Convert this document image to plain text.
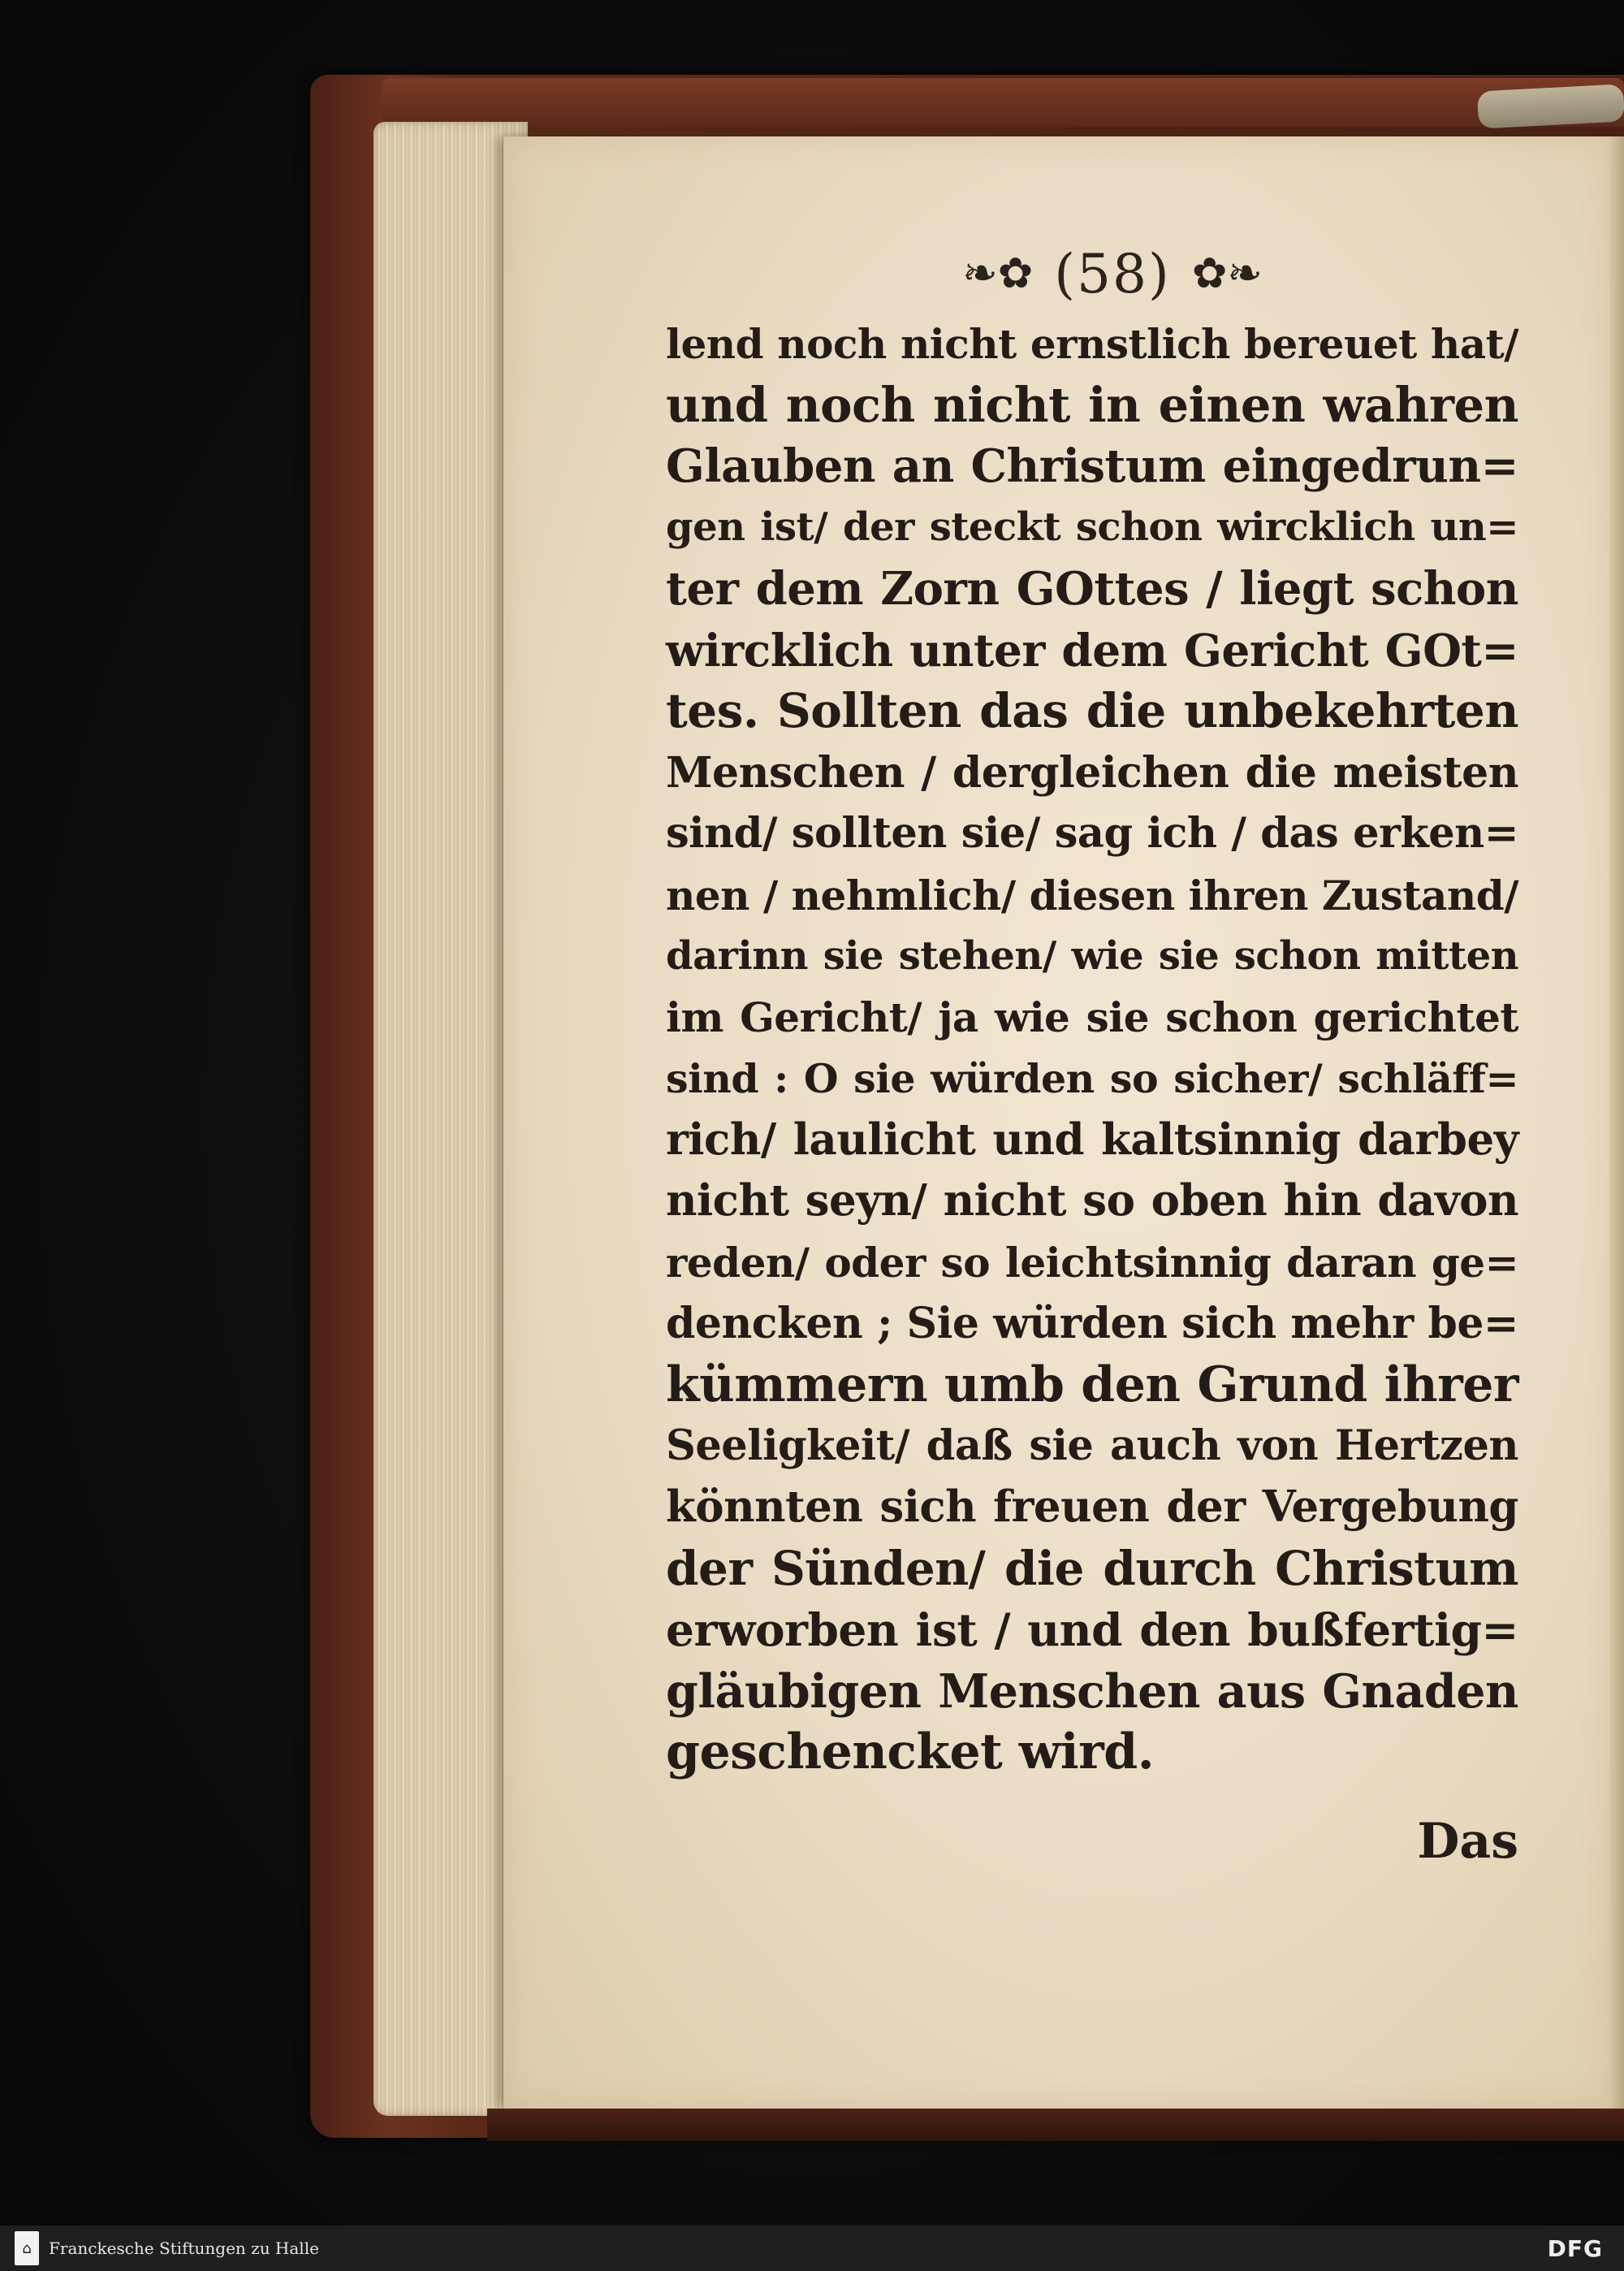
❧✿ (58) ✿❧
lend noch nicht ernstlich bereuet hat/
und noch nicht in einen wahren
Glauben an Christum eingedrun=
gen ist/ der steckt schon wircklich un=
ter dem Zorn GOttes / liegt schon
wircklich unter dem Gericht GOt=
tes. Sollten das die unbekehrten
Menschen / dergleichen die meisten
sind/ sollten sie/ sag ich / das erken=
nen / nehmlich/ diesen ihren Zustand/
darinn sie stehen/ wie sie schon mitten
im Gericht/ ja wie sie schon gerichtet
sind : O sie würden so sicher/ schläff=
rich/ laulicht und kaltsinnig darbey
nicht seyn/ nicht so oben hin davon
reden/ oder so leichtsinnig daran ge=
dencken ; Sie würden sich mehr be=
kümmern umb den Grund ihrer
Seeligkeit/ daß sie auch von Hertzen
könnten sich freuen der Vergebung
der Sünden/ die durch Christum
erworben ist / und den bußfertig=
gläubigen Menschen aus Gnaden
geschencket wird.
Das
⌂	Franckesche Stiftungen zu Halle	DFG
